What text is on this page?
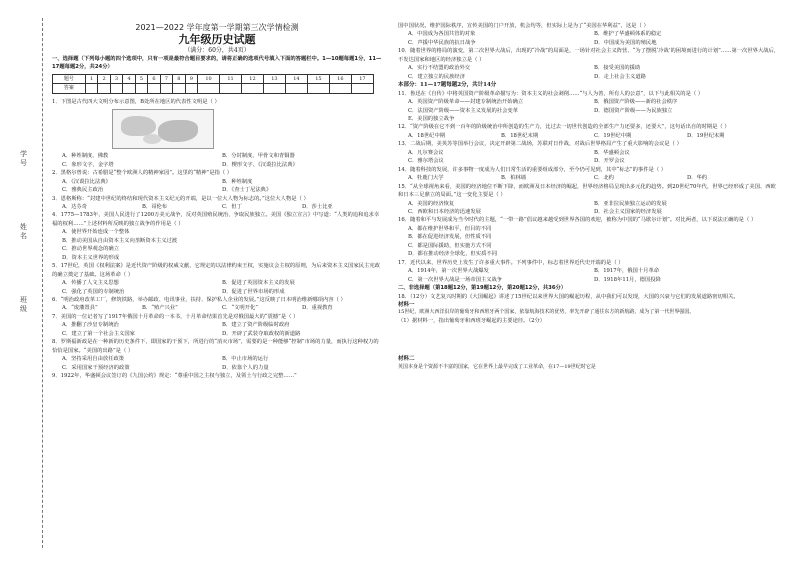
学
号
姓
名
班
级
2021—2022 学年度第一学期第三次学情检测
九年级历史试题
（满分：60分，共4页）
一、选择题（下列每小题的四个选项中，只有一项是最符合题目要求的，请将正确的选项代号填入下面的答题栏中。1—10题每题1分，11—17题每题2分，共24分）
题号	1	2	3	4	5	6	7	8	9	10	11	12	13	14	15	16	17
答案																	
1．下图是古代四大文明分布示意图，B处所在地区的代表性文明是（ ）
A．种姓制度、佛教	B．分封制度、甲骨文和青铜器
C．象形文字、金字塔	D．楔形文字、《汉谟拉比法典》
2．黑格尔曾说：古希腊是“整个欧洲人的精神家园”。这里的“精神”是指（ ）
A．《汉谟拉比法典》	B．种姓制度
C．雅典民主政治	D．《查士丁尼法典》
3．恩格斯称：“封建中世纪的终结和现代资本主义纪元的开端，是以一位大人物为标志的。”这位大人物是（ ）
A．达芬奇	B．哥伦布	C．但丁	D．莎士比亚
4．1775—1783年，美国人民进行了1200万美元战争，反对英国殖民统治，争取民族独立。美国《独立宣言》中写道：“人类的追和追求幸福的权利……”上述材料所反映的独立战争的作用是（ ）
A．使世界开始连成一个整体
B．推动美国从自由资本主义向垄断资本主义过渡
C．推动世界观念的确立
D．资本主义世界的形成
5．17世纪，英国《权利法案》是近代资产阶级的权威文献，它规定的以法律约束王权，实施议会主权的原则，为后来资本主义国家民主宪政的确立奠定了基础。这场革命（ ）
A．传播了人文主义思想	B．促进了英国资本主义的发展
C．强化了英国的专制统治	D．促进了世界市场的形成
6．“明治政府改革工厂，修筑铁路，举办邮政、电讯事业，扶持、保护私人企业的发展。”这反映了日本明治维新哪项内容（ ）
A．“废藩置县”	B．“殖产兴业”	C．“文明开化”	D．重视教育
7．美国的一位记者写了1917年俄国十月革命的一本书，十月革命结果首先是对俄国最大的“震撼”是（ ）
A．推翻了沙皇专制统治	B．建立了资产阶级临时政府
C．建立了第一个社会主义国家	D．开辟了武装夺取政权的新道路
8．罗斯福新政是在一种新的历史条件下，即国家的干预下，所进行的“消灭市场”，需要的是一种能够“控制”市场的力量，而执行这种权力的恰恰是国家。“美国的出路”是（ ）
A．坚持采用自由放任政策	B．中止市场的运行
C．采用国家干预经济的政策	D．依靠个人的力量
9．1922年，华盛顿会议签订的《九国公约》规定：“尊重中国之主权与独立，及领土与行政之完整……”
国中国状况，维护国际秩序，宣传美国的门户开放，机会均等，但实际上是为了“美国在华利益”，这是（ ）
A．中国成为各国共管的对象	B．维护了华盛顿体系的稳定
C．声援中华民族的抗日战争	D．中国成为美国的殖民地
10．随着世界的格局的演变，第二次世界大战后，出现的“冷战”的局面是，一场针对社会主义阵营、“为了摆脱‘冷战’的困境而进行的计划”……第一次世界大战后，不发达国家和地区的经济独立是（ ）
A．实行不结盟的政治外交	B．接受美国的援助
C．建立独立的民族经济	D．走上社会主义道路
本部分：11—17题每题2分，共计14分
11．鲁迅在《自传》中将英国资产阶级革命描写为：资本主义的社会剥削……“与人为善，所有人的公意”，以下与此相关的是（ ）
A．英国资产阶级革命——封建专制统治开始确立	B．俄国资产阶级——新的社会秩序
C．法国资产阶级——资本主义发展的社会变革	D．德国资产阶级——为民族独立
E．美国的独立战争
12．“资产阶级在它不到一百年的阶级统治中所创造的生产力，比过去一切世代创造的全部生产力还要多，还要大”，这句话出自的时期是（ ）
A．18世纪中期	B．18世纪末期	C．19世纪中期	D．19世纪末期
13．二战后期，美英苏等国举行会议，决定开辟第二战场，苏联对日作战，对战后世界格局产生了重大影响的会议是（ ）
A．凡尔赛会议	B．华盛顿会议
C．雅尔塔会议	D．开罗会议
14．随着科技的发展，许多事物一度成为人们日常生活的重要组成部分，至今仍可见到，其中“标志”的事件是（ ）
A．牡鹿门大学	B．柏林墙	C．北约	D．华约
15．“从全球视角来看，美国的经济地位不断下降，而欧洲及日本经济的崛起，世界经济格局呈现出多元化的趋势。到20世纪70年代，世界已经形成了美国、西欧和日本三足鼎立的局面。”这一变化主要是（ ）
A．美国的经济恢复	B．亚非拉民族独立运动的发展
C．西欧和日本经济的迅速发展	D．社会主义国家的经济发展
16．随着和平与发展成为当今时代的主题，“一带一路”倡议越来越受到世界各国的欢迎，被称为中国的“马歇尔计划”。对比两者，以下说法正确的是（ ）
A．都在维护世界和平，但目的不同
B．都在促进经济发展，但性质不同
C．都是国际援助，但实施方式不同
D．都在推动经济全球化，但实质不同
17．近代以来，世界历史上发生了许多重大事件。下列事件中，标志着世界近代史开端的是（ ）
A．1914年，第一次世界大战爆发	B．1917年，俄国十月革命
C．第一次世界大战是一场帝国主义战争	D．1918年11月，德国投降
二、非选择题（第18题12分，第19题12分，第20题12分，共36分）
18．（12分）文艺复兴时期的《大国崛起》讲述了15世纪以来世界大国的崛起历程，从中我们可以发现，大国的兴衰与它们的发展道路密切相关。
材料一
15世纪，欧洲大西洋沿岸的葡萄牙和西班牙两个国家，依靠航海技术的优势，率先开辟了通往东方的新航路，成为了第一代世界强国。
（1）据材料一，指出葡萄牙和西班牙崛起的主要途径。（2分）
材料二
英国本身是个资源不丰富的国家，它在世界上最早完成了工业革命，在17—19世纪时它是
